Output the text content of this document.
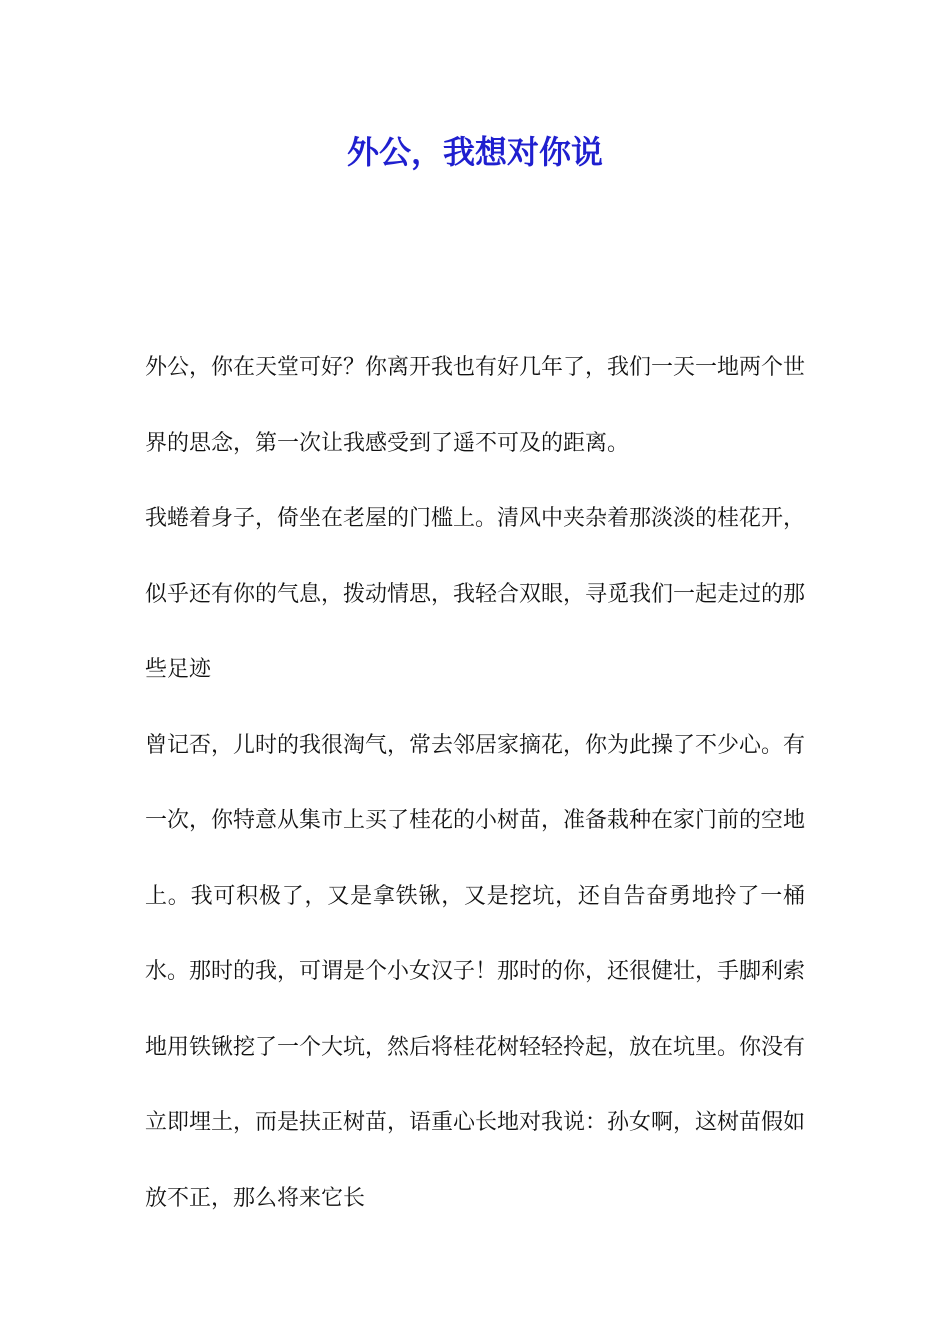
外公，我想对你说

外公，你在天堂可好？你离开我也有好几年了，我们一天一地两个世界的思念，第一次让我感受到了遥不可及的距离。

我蜷着身子，倚坐在老屋的门槛上。清风中夹杂着那淡淡的桂花开，似乎还有你的气息，拨动情思，我轻合双眼，寻觅我们一起走过的那些足迹

曾记否，儿时的我很淘气，常去邻居家摘花，你为此操了不少心。有一次，你特意从集市上买了桂花的小树苗，准备栽种在家门前的空地上。我可积极了，又是拿铁锹，又是挖坑，还自告奋勇地拎了一桶水。那时的我，可谓是个小女汉子！那时的你，还很健壮，手脚利索地用铁锹挖了一个大坑，然后将桂花树轻轻拎起，放在坑里。你没有立即埋土，而是扶正树苗，语重心长地对我说：孙女啊，这树苗假如放不正，那么将来它长
